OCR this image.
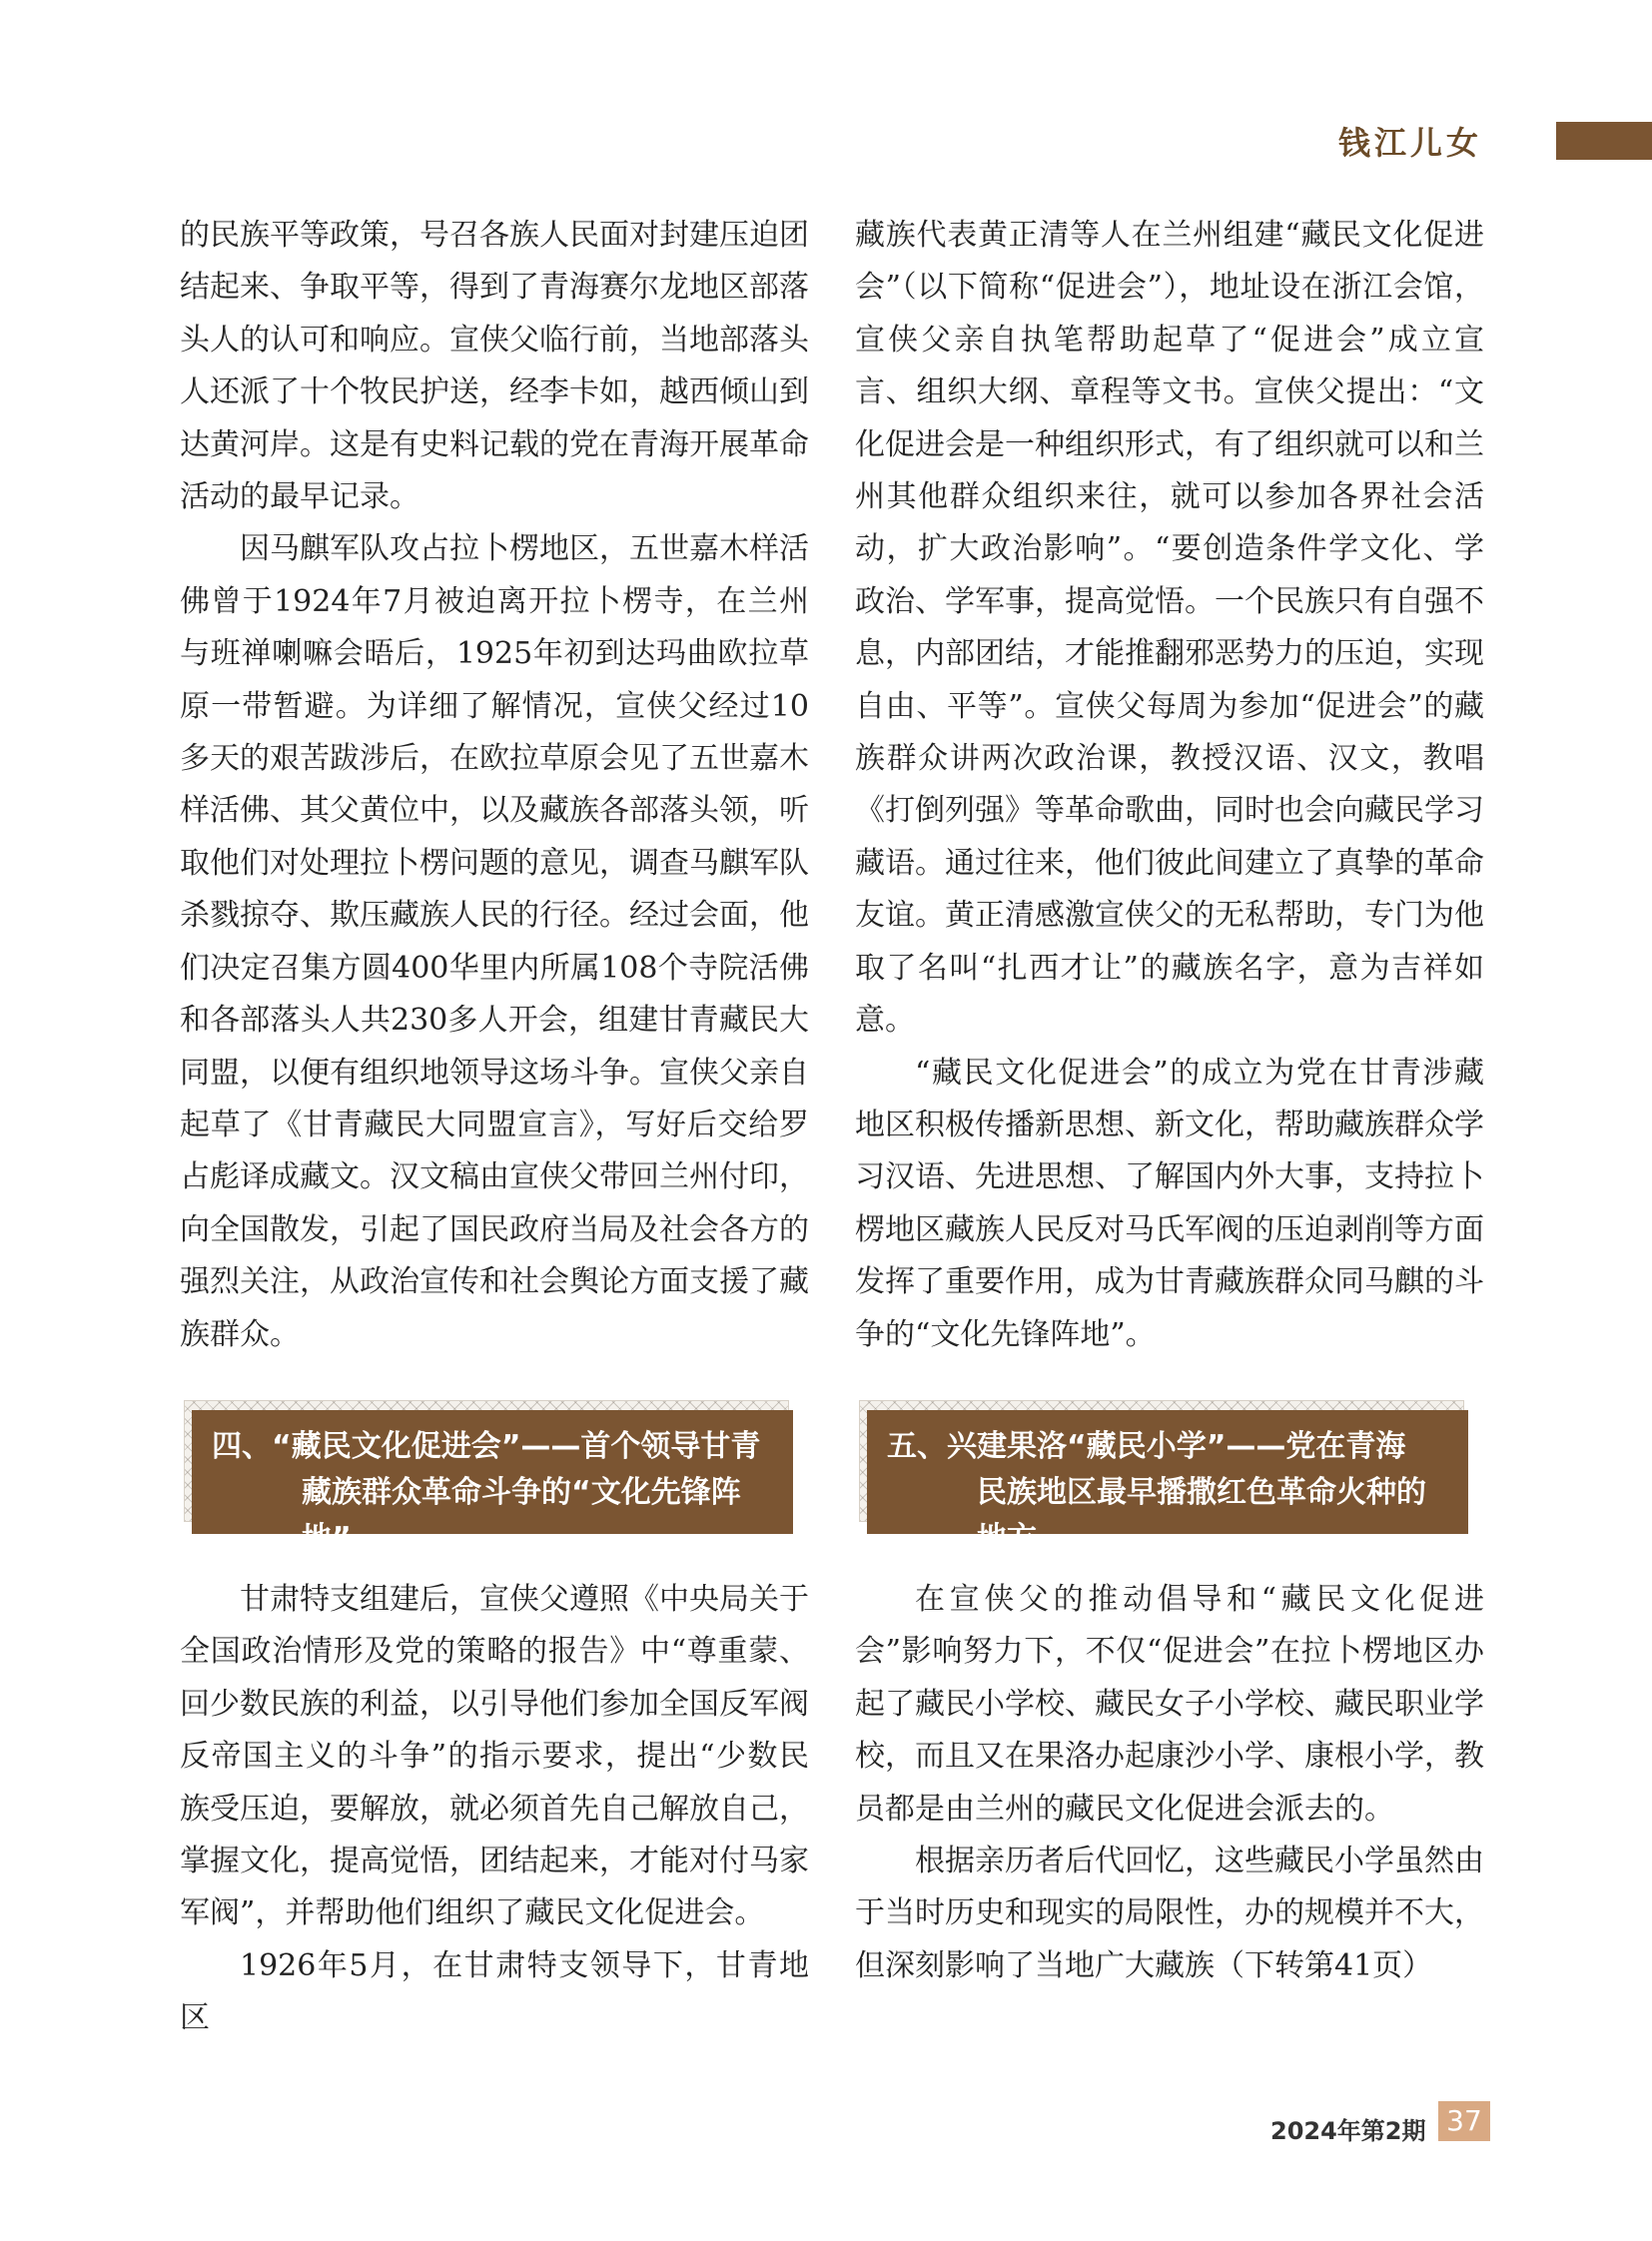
钱江儿女

的民族平等政策，号召各族人民面对封建压迫团结起来、争取平等，得到了青海赛尔龙地区部落头人的认可和响应。宣侠父临行前，当地部落头人还派了十个牧民护送，经李卡如，越西倾山到达黄河岸。这是有史料记载的党在青海开展革命活动的最早记录。

因马麒军队攻占拉卜楞地区，五世嘉木样活佛曾于1924年7月被迫离开拉卜楞寺，在兰州与班禅喇嘛会晤后，1925年初到达玛曲欧拉草原一带暂避。为详细了解情况，宣侠父经过10多天的艰苦跋涉后，在欧拉草原会见了五世嘉木样活佛、其父黄位中，以及藏族各部落头领，听取他们对处理拉卜楞问题的意见，调查马麒军队杀戮掠夺、欺压藏族人民的行径。经过会面，他们决定召集方圆400华里内所属108个寺院活佛和各部落头人共230多人开会，组建甘青藏民大同盟，以便有组织地领导这场斗争。宣侠父亲自起草了《甘青藏民大同盟宣言》，写好后交给罗占彪译成藏文。汉文稿由宣侠父带回兰州付印，向全国散发，引起了国民政府当局及社会各方的强烈关注，从政治宣传和社会舆论方面支援了藏族群众。

四、“藏民文化促进会”——首个领导甘青
藏族群众革命斗争的“文化先锋阵地”

甘肃特支组建后，宣侠父遵照《中央局关于全国政治情形及党的策略的报告》中“尊重蒙、回少数民族的利益，以引导他们参加全国反军阀反帝国主义的斗争”的指示要求，提出“少数民族受压迫，要解放，就必须首先自己解放自己，掌握文化，提高觉悟，团结起来，才能对付马家军阀”，并帮助他们组织了藏民文化促进会。

1926年5月，在甘肃特支领导下，甘青地区

藏族代表黄正清等人在兰州组建“藏民文化促进会”（以下简称“促进会”），地址设在浙江会馆，宣侠父亲自执笔帮助起草了“促进会”成立宣言、组织大纲、章程等文书。宣侠父提出：“文化促进会是一种组织形式，有了组织就可以和兰州其他群众组织来往，就可以参加各界社会活动，扩大政治影响”。“要创造条件学文化、学政治、学军事，提高觉悟。一个民族只有自强不息，内部团结，才能推翻邪恶势力的压迫，实现自由、平等”。宣侠父每周为参加“促进会”的藏族群众讲两次政治课，教授汉语、汉文，教唱《打倒列强》等革命歌曲，同时也会向藏民学习藏语。通过往来，他们彼此间建立了真挚的革命友谊。黄正清感激宣侠父的无私帮助，专门为他取了名叫“扎西才让”的藏族名字，意为吉祥如意。

“藏民文化促进会”的成立为党在甘青涉藏地区积极传播新思想、新文化，帮助藏族群众学习汉语、先进思想、了解国内外大事，支持拉卜楞地区藏族人民反对马氏军阀的压迫剥削等方面发挥了重要作用，成为甘青藏族群众同马麒的斗争的“文化先锋阵地”。

五、兴建果洛“藏民小学”——党在青海
民族地区最早播撒红色革命火种的地方

在宣侠父的推动倡导和“藏民文化促进会”影响努力下，不仅“促进会”在拉卜楞地区办起了藏民小学校、藏民女子小学校、藏民职业学校，而且又在果洛办起康沙小学、康根小学，教员都是由兰州的藏民文化促进会派去的。

根据亲历者后代回忆，这些藏民小学虽然由于当时历史和现实的局限性，办的规模并不大，但深刻影响了当地广大藏族（下转第41页）

2024年第2期 37
